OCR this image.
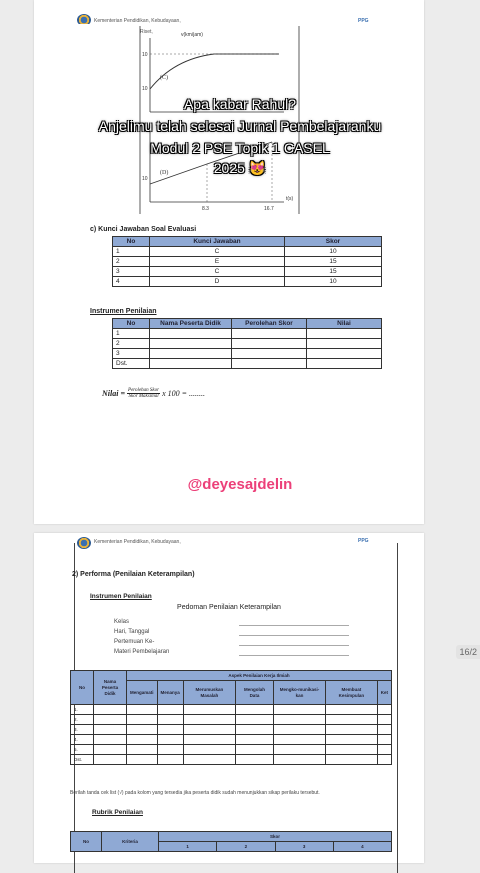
Kementerian Pendidikan, Kebudayaan,	PPG
Riset,	v(km/jam)
(C)
10
10
(D)
10
8.3	16.7
t(s)
c) Kunci Jawaban Soal Evaluasi
No	Kunci Jawaban	Skor
1	C	10
2	E	15
3	C	15
4	D	10
Instrumen Penilaian
No	Nama Peserta Didik	Perolehan Skor	Nilai
1			
2			
3			
Dst.			
Nilai = Perolehan Skor
Skor Maksimal x 100 = ........
Kementerian Pendidikan, Kebudayaan,	PPG
2) Performa (Penilaian Keterampilan)
Instrumen Penilaian
Pedoman Penilaian Keterampilan
Kelas
Hari, Tanggal
Pertemuan Ke-
Materi Pembelajaran
No	Nama Peserta Didik	Aspek Penilaian Kerja Ilmiah						
		Mengamati	Menanya	Merumuskan Masalah	Mengolah Data	Mengko-munikasi-kan	Membuat Kesimpulan	Ket
1.								
2.								
3.								
4.								
5.								
Dst.								
Berilah tanda cek list (√) pada kolom yang tersedia jika peserta didik sudah menunjukkan sikap perilaku tersebut.
Rubrik Penilaian
No	Kriteria	Skor			
		1	2	3	4
Apa kabar Rahul?
Anjelimu telah selesai Jurnal Pembelajaranku
Modul 2 PSE Topik 1 CASEL
2025 😻
@deyesajdelin
16/2
